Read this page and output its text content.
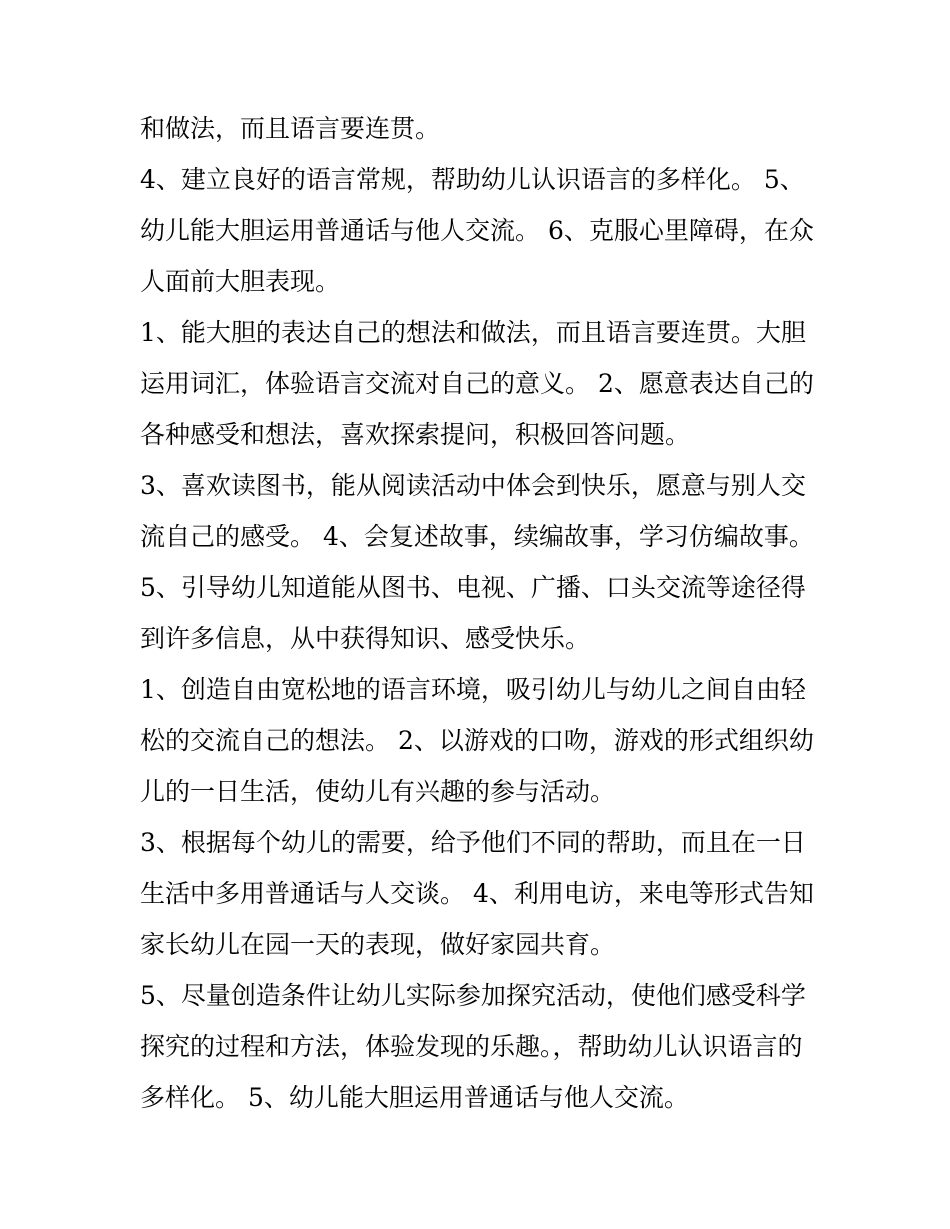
和做法，而且语言要连贯。

4、建立良好的语言常规，帮助幼儿认识语言的多样化。 5、
幼儿能大胆运用普通话与他人交流。 6、克服心里障碍，在众
人面前大胆表现。

1、能大胆的表达自己的想法和做法，而且语言要连贯。大胆
运用词汇，体验语言交流对自己的意义。 2、愿意表达自己的
各种感受和想法，喜欢探索提问，积极回答问题。

3、喜欢读图书，能从阅读活动中体会到快乐，愿意与别人交
流自己的感受。 4、会复述故事，续编故事，学习仿编故事。

5、引导幼儿知道能从图书、电视、广播、口头交流等途径得
到许多信息，从中获得知识、感受快乐。

1、创造自由宽松地的语言环境，吸引幼儿与幼儿之间自由轻
松的交流自己的想法。 2、以游戏的口吻，游戏的形式组织幼
儿的一日生活，使幼儿有兴趣的参与活动。

3、根据每个幼儿的需要，给予他们不同的帮助，而且在一日
生活中多用普通话与人交谈。 4、利用电访，来电等形式告知
家长幼儿在园一天的表现，做好家园共育。

5、尽量创造条件让幼儿实际参加探究活动，使他们感受科学
探究的过程和方法，体验发现的乐趣。，帮助幼儿认识语言的
多样化。 5、幼儿能大胆运用普通话与他人交流。
